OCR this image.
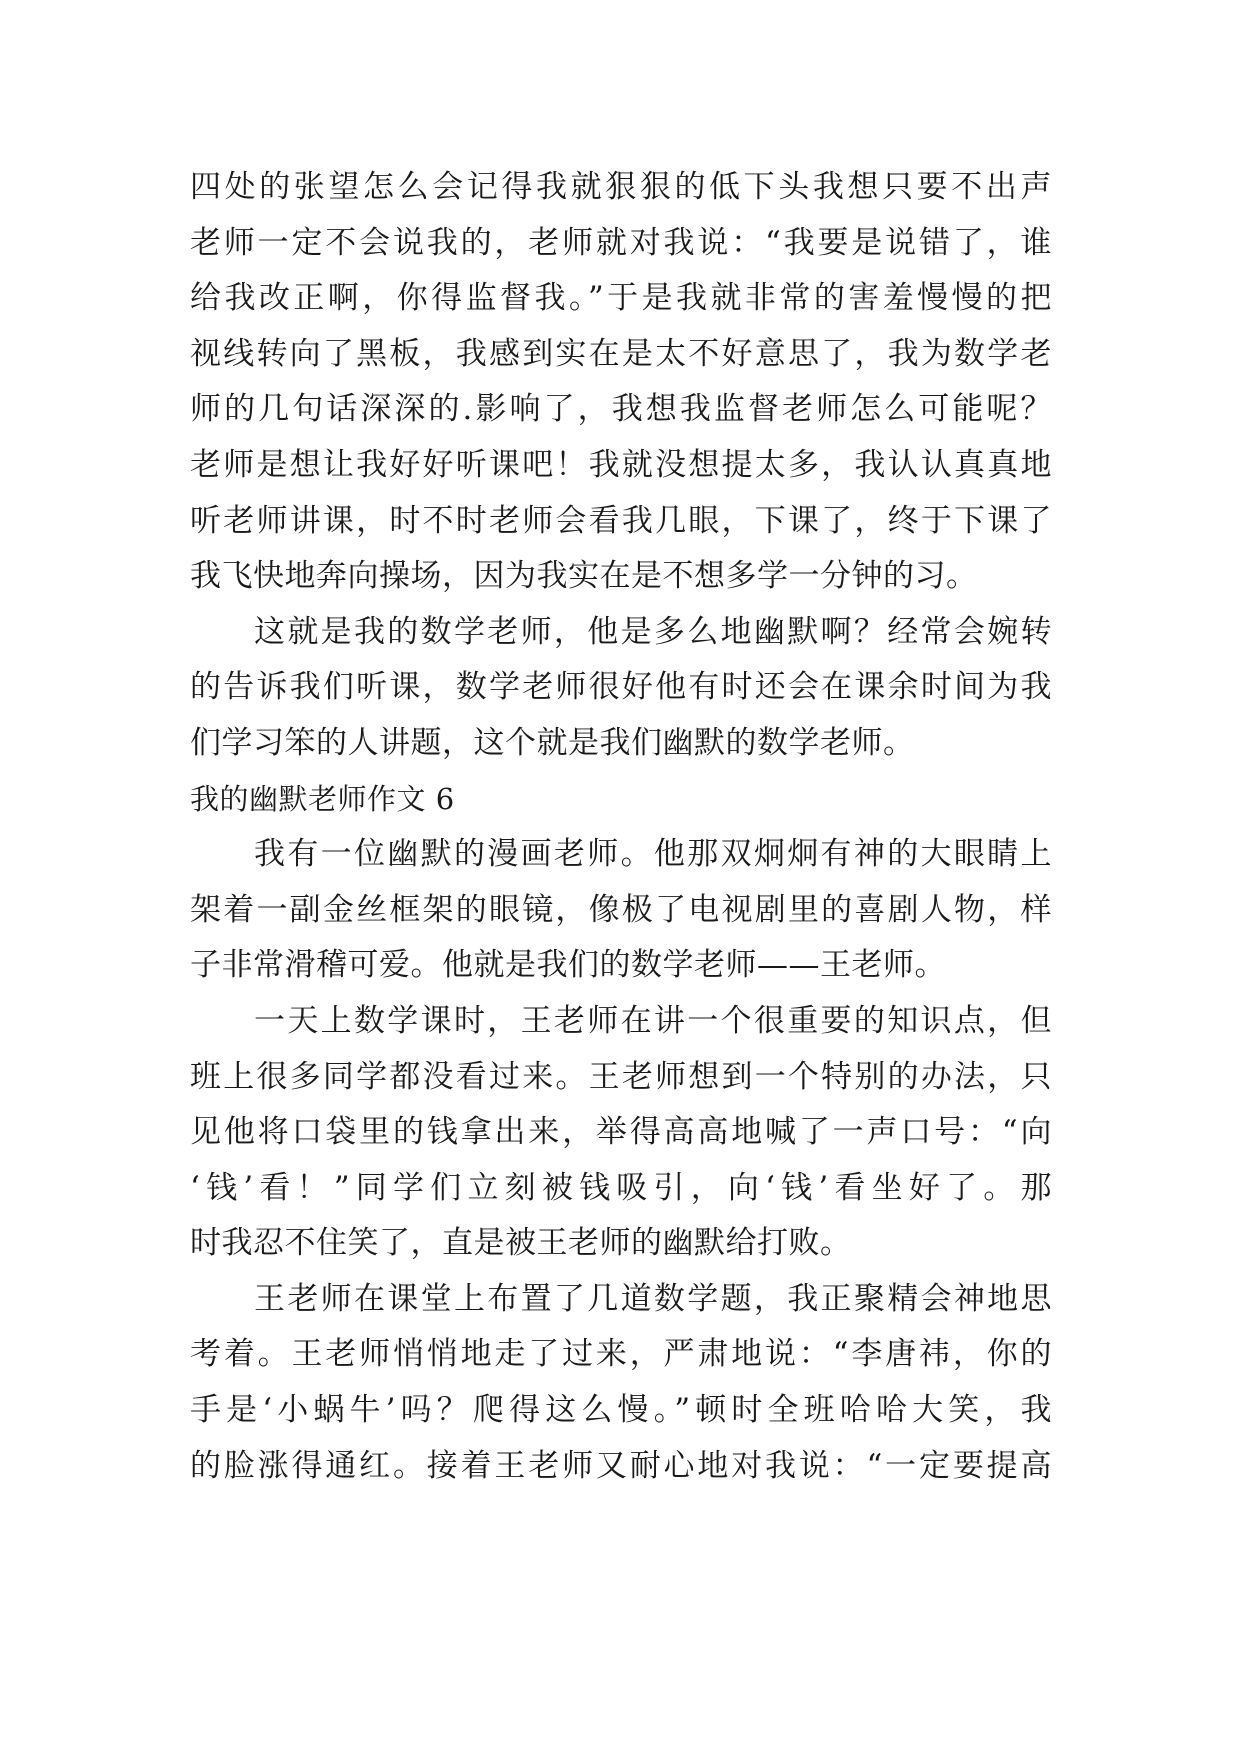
四处的张望怎么会记得我就狠狠的低下头我想只要不出声
老师一定不会说我的，老师就对我说：“我要是说错了，谁
给我改正啊，你得监督我。”于是我就非常的害羞慢慢的把
视线转向了黑板，我感到实在是太不好意思了，我为数学老
师的几句话深深的.影响了，我想我监督老师怎么可能呢？
老师是想让我好好听课吧！我就没想提太多，我认认真真地
听老师讲课，时不时老师会看我几眼，下课了，终于下课了
我飞快地奔向操场，因为我实在是不想多学一分钟的习。
这就是我的数学老师，他是多么地幽默啊？经常会婉转
的告诉我们听课，数学老师很好他有时还会在课余时间为我
们学习笨的人讲题，这个就是我们幽默的数学老师。
我的幽默老师作文 6
我有一位幽默的漫画老师。他那双炯炯有神的大眼睛上
架着一副金丝框架的眼镜，像极了电视剧里的喜剧人物，样
子非常滑稽可爱。他就是我们的数学老师——王老师。
一天上数学课时，王老师在讲一个很重要的知识点，但
班上很多同学都没看过来。王老师想到一个特别的办法，只
见他将口袋里的钱拿出来，举得高高地喊了一声口号：“向
‘钱’看！”同学们立刻被钱吸引，向‘钱’看坐好了。那
时我忍不住笑了，直是被王老师的幽默给打败。
王老师在课堂上布置了几道数学题，我正聚精会神地思
考着。王老师悄悄地走了过来，严肃地说：“李唐祎，你的
手是‘小蜗牛’吗？爬得这么慢。”顿时全班哈哈大笑，我
的脸涨得通红。接着王老师又耐心地对我说：“一定要提高
